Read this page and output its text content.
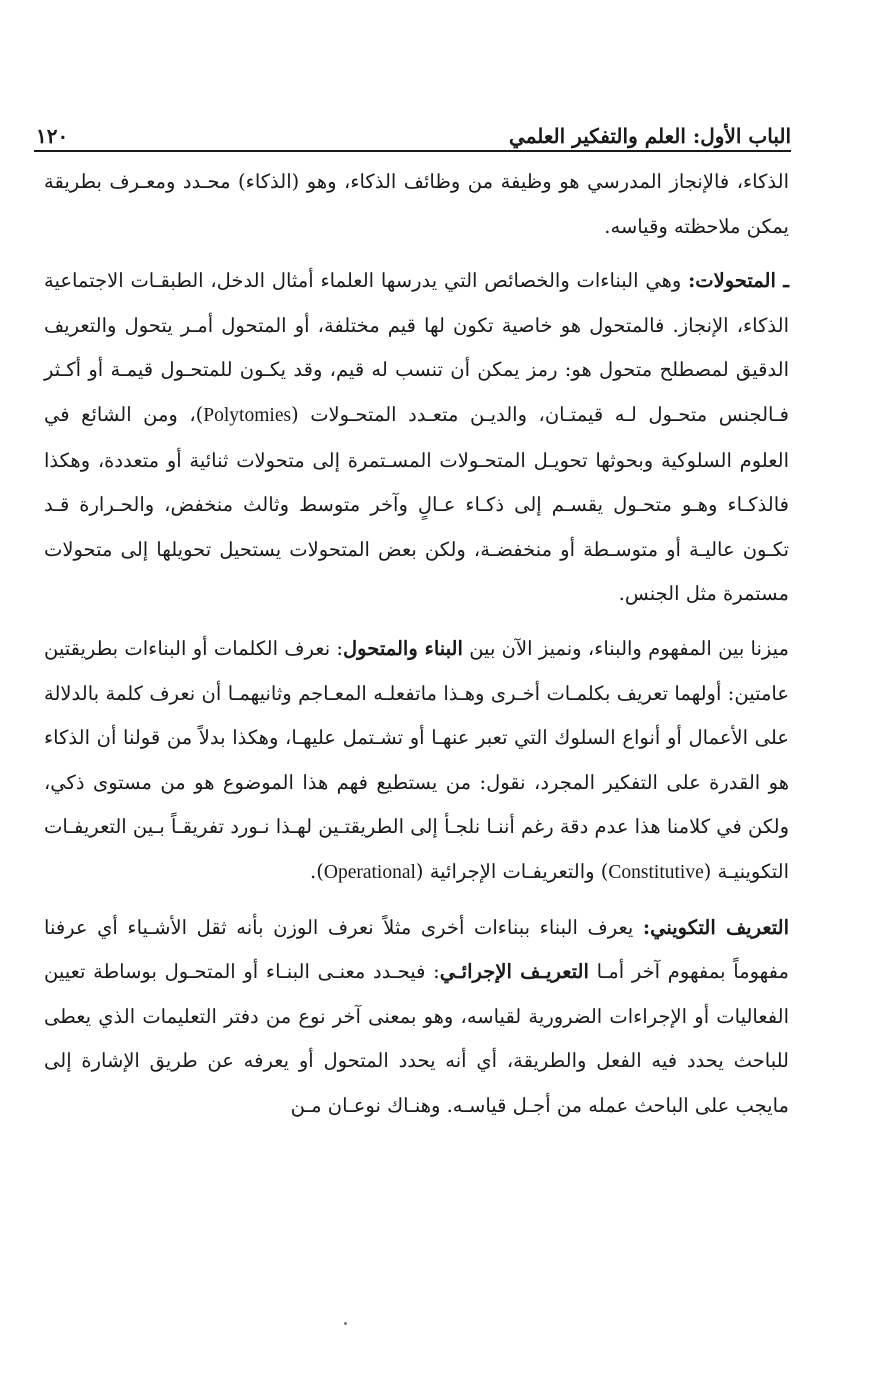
الباب الأول: العلم والتفكير العلمي
١٢٠

الذكاء، فالإنجاز المدرسي هو وظيفة من وظائف الذكاء، وهو (الذكاء) محـدد ومعـرف بطريقة يمكن ملاحظته وقياسه.

ـ المتحولات: وهي البناءات والخصائص التي يدرسها العلماء أمثال الدخل، الطبقـات الاجتماعية الذكاء، الإنجاز. فالمتحول هو خاصية تكون لها قيم مختلفة، أو المتحول أمـر يتحول والتعريف الدقيق لمصطلح متحول هو: رمز يمكن أن تنسب له قيم، وقد يكـون للمتحـول قيمـة أو أكـثر فـالجنس متحـول لـه قيمتـان، والديـن متعـدد المتحـولات (Polytomies)، ومن الشائع في العلوم السلوكية وبحوثها تحويـل المتحـولات المسـتمرة إلى متحولات ثنائية أو متعددة، وهكذا فالذكـاء وهـو متحـول يقسـم إلى ذكـاء عـالٍ وآخر متوسط وثالث منخفض، والحـرارة قـد تكـون عاليـة أو متوسـطة أو منخفضـة، ولكن بعض المتحولات يستحيل تحويلها إلى متحولات مستمرة مثل الجنس.

ميزنا بين المفهوم والبناء، ونميز الآن بين البناء والمتحول: نعرف الكلمات أو البناءات بطريقتين عامتين: أولهما تعريف بكلمـات أخـرى وهـذا ماتفعلـه المعـاجم وثانيهمـا أن نعرف كلمة بالدلالة على الأعمال أو أنواع السلوك التي تعبر عنهـا أو تشـتمل عليهـا، وهكذا بدلاً من قولنا أن الذكاء هو القدرة على التفكير المجرد، نقول: من يستطيع فهم هذا الموضوع هو من مستوى ذكي، ولكن في كلامنا هذا عدم دقة رغم أننـا نلجـأ إلى الطريقتـين لهـذا نـورد تفريقـاً بـين التعريفـات التكوينيـة (Constitutive) والتعريفـات الإجرائية (Operational).

التعريف التكويني: يعرف البناء ببناءات أخرى مثلاً نعرف الوزن بأنه ثقل الأشـياء أي عرفنا مفهوماً بمفهوم آخر أمـا التعريـف الإجرائـي: فيحـدد معنـى البنـاء أو المتحـول بوساطة تعيين الفعاليات أو الإجراءات الضرورية لقياسه، وهو بمعنى آخر نوع من دفتر التعليمات الذي يعطى للباحث يحدد فيه الفعل والطريقة، أي أنه يحدد المتحول أو يعرفه عن طريق الإشارة إلى مايجب على الباحث عمله من أجـل قياسـه. وهنـاك نوعـان مـن
